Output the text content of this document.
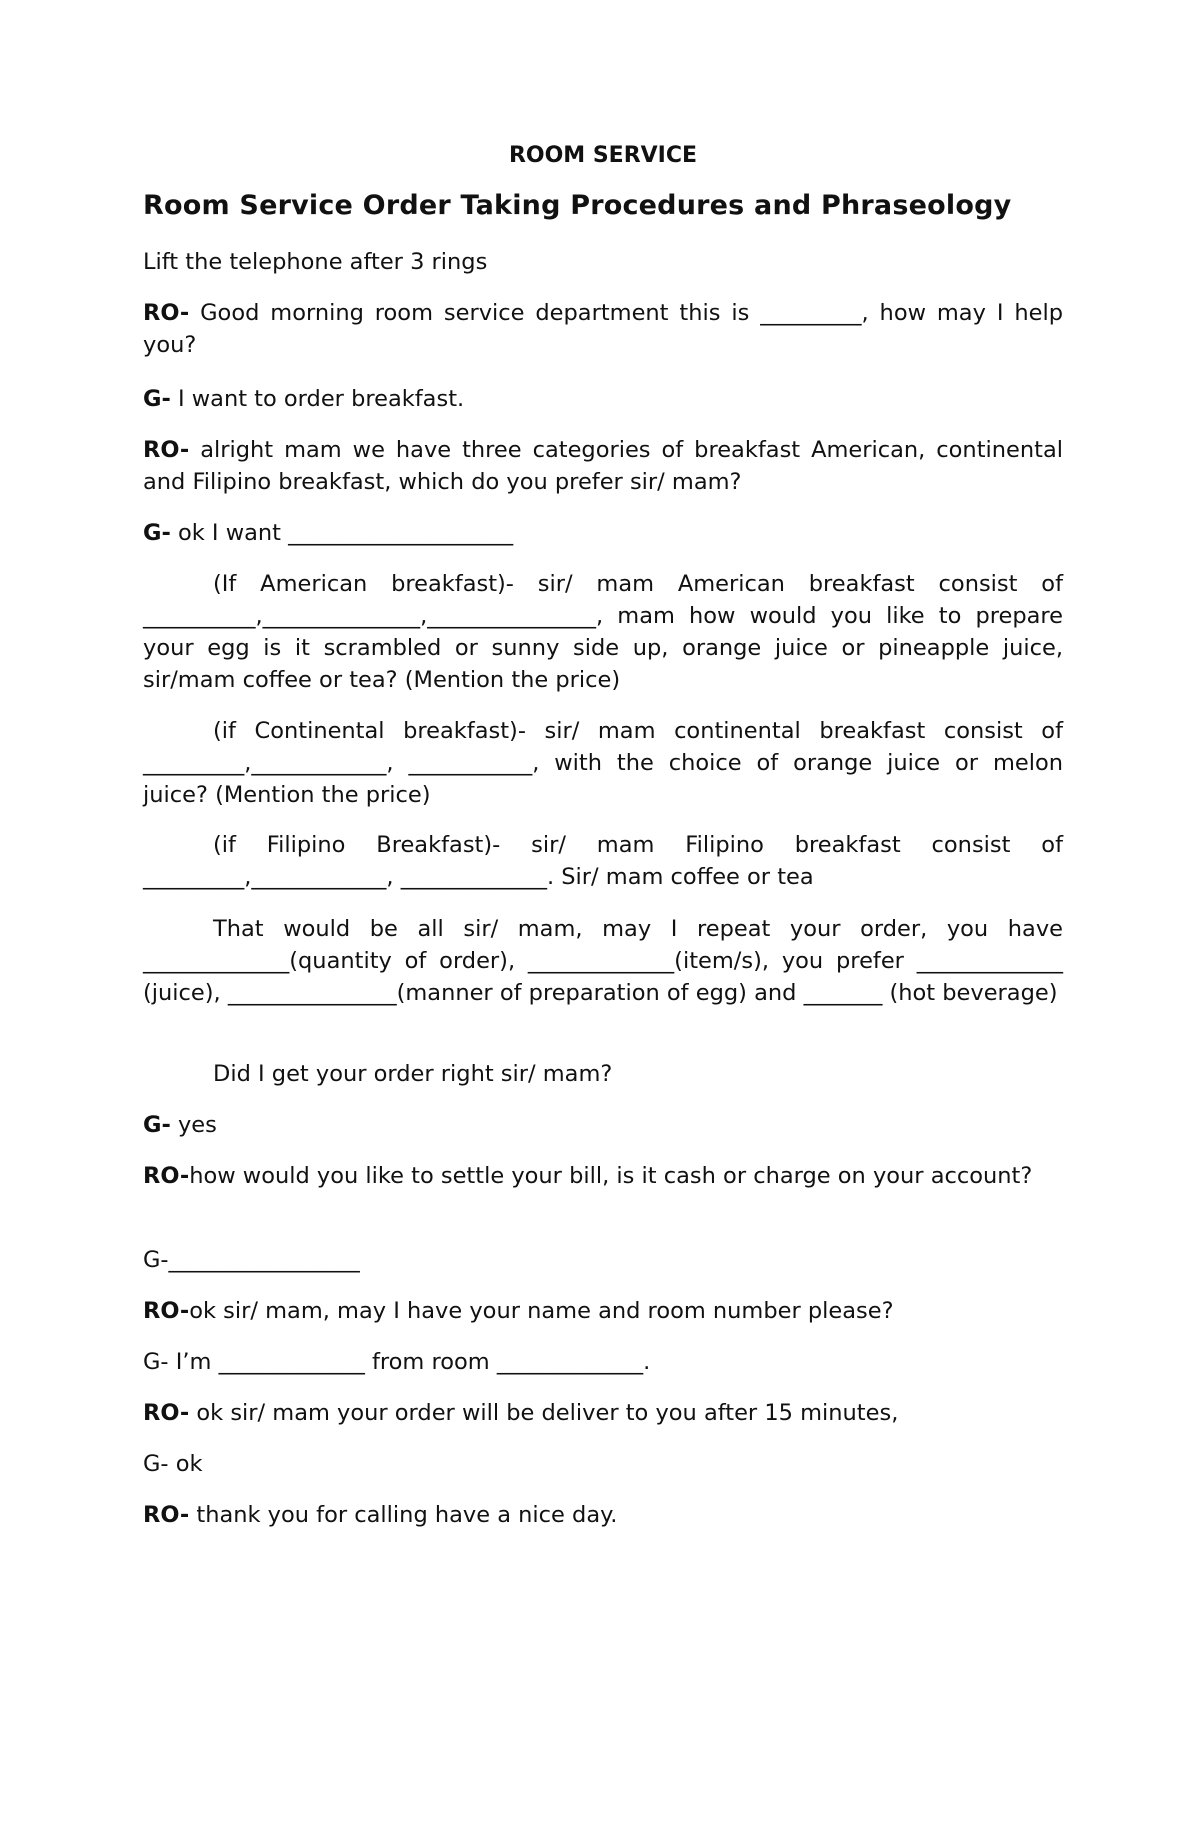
ROOM SERVICE
Room Service Order Taking Procedures and Phraseology

Lift the telephone after 3 rings

RO- Good morning room service department this is _________, how may I help you?

G- I want to order breakfast.

RO- alright mam we have three categories of breakfast American, continental and Filipino breakfast, which do you prefer sir/ mam?

G- ok I want ____________________

(If American breakfast)- sir/ mam American breakfast consist of __________,______________,_______________, mam how would you like to prepare your egg is it scrambled or sunny side up, orange juice or pineapple juice, sir/mam coffee or tea? (Mention the price)

(if Continental breakfast)- sir/ mam continental breakfast consist of _________,____________, ___________, with the choice of orange juice or melon juice? (Mention the price)

(if Filipino Breakfast)- sir/ mam Filipino breakfast consist of _________,____________, _____________. Sir/ mam coffee or tea

That would be all sir/ mam, may I repeat your order, you have _____________(quantity of order), _____________(item/s), you prefer _____________ (juice), _______________(manner of preparation of egg) and _______ (hot beverage)

Did I get your order right sir/ mam?

G- yes

RO-how would you like to settle your bill, is it cash or charge on your account?

G-_________________

RO-ok sir/ mam, may I have your name and room number please?

G- I’m _____________ from room _____________.

RO- ok sir/ mam your order will be deliver to you after 15 minutes,

G- ok

RO- thank you for calling have a nice day.
